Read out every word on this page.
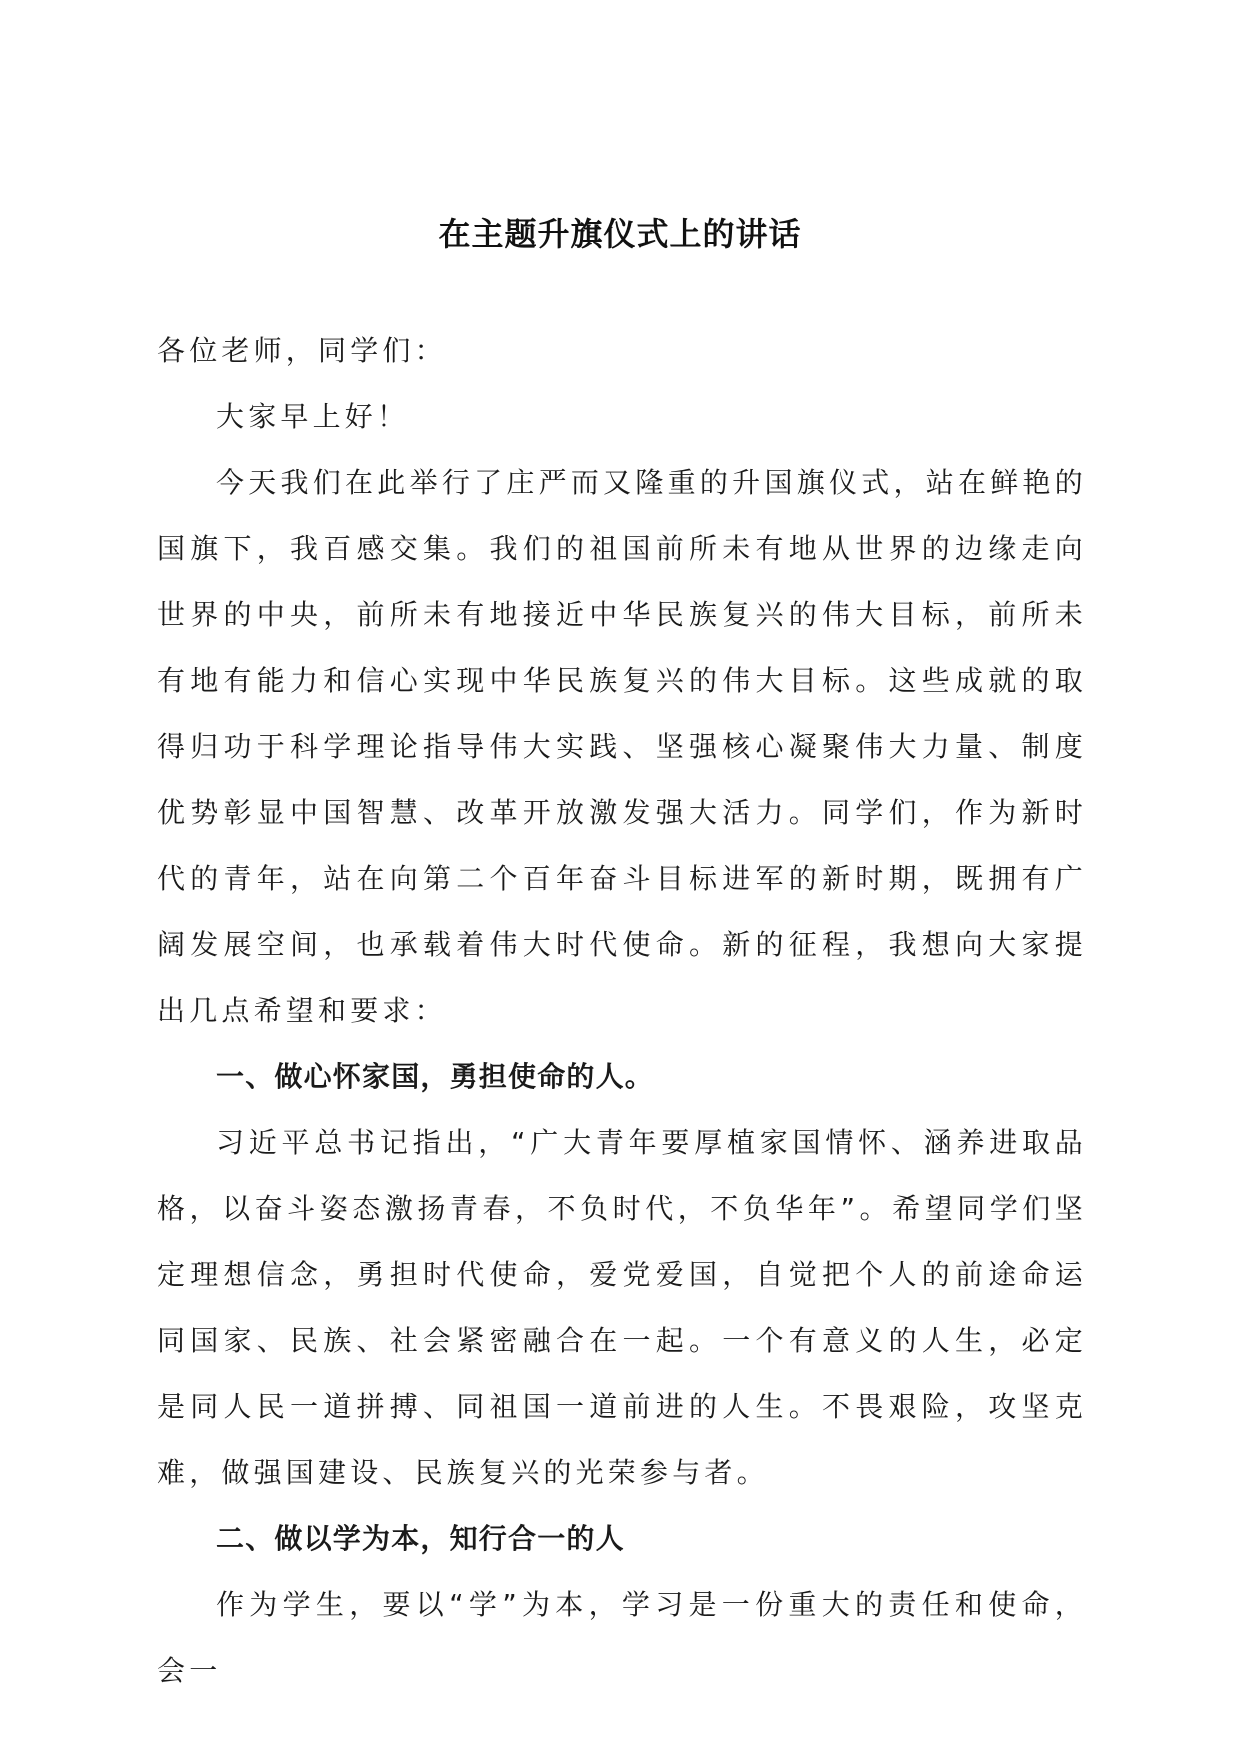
在主题升旗仪式上的讲话

各位老师，同学们：

大家早上好！

今天我们在此举行了庄严而又隆重的升国旗仪式，站在鲜艳的国旗下，我百感交集。我们的祖国前所未有地从世界的边缘走向世界的中央，前所未有地接近中华民族复兴的伟大目标，前所未有地有能力和信心实现中华民族复兴的伟大目标。这些成就的取得归功于科学理论指导伟大实践、坚强核心凝聚伟大力量、制度优势彰显中国智慧、改革开放激发强大活力。同学们，作为新时代的青年，站在向第二个百年奋斗目标进军的新时期，既拥有广阔发展空间，也承载着伟大时代使命。新的征程，我想向大家提出几点希望和要求：

一、做心怀家国，勇担使命的人。

习近平总书记指出，“广大青年要厚植家国情怀、涵养进取品格，以奋斗姿态激扬青春，不负时代，不负华年”。希望同学们坚定理想信念，勇担时代使命，爱党爱国，自觉把个人的前途命运同国家、民族、社会紧密融合在一起。一个有意义的人生，必定是同人民一道拼搏、同祖国一道前进的人生。不畏艰险，攻坚克难，做强国建设、民族复兴的光荣参与者。

二、做以学为本，知行合一的人

作为学生，要以“学”为本，学习是一份重大的责任和使命，会一
